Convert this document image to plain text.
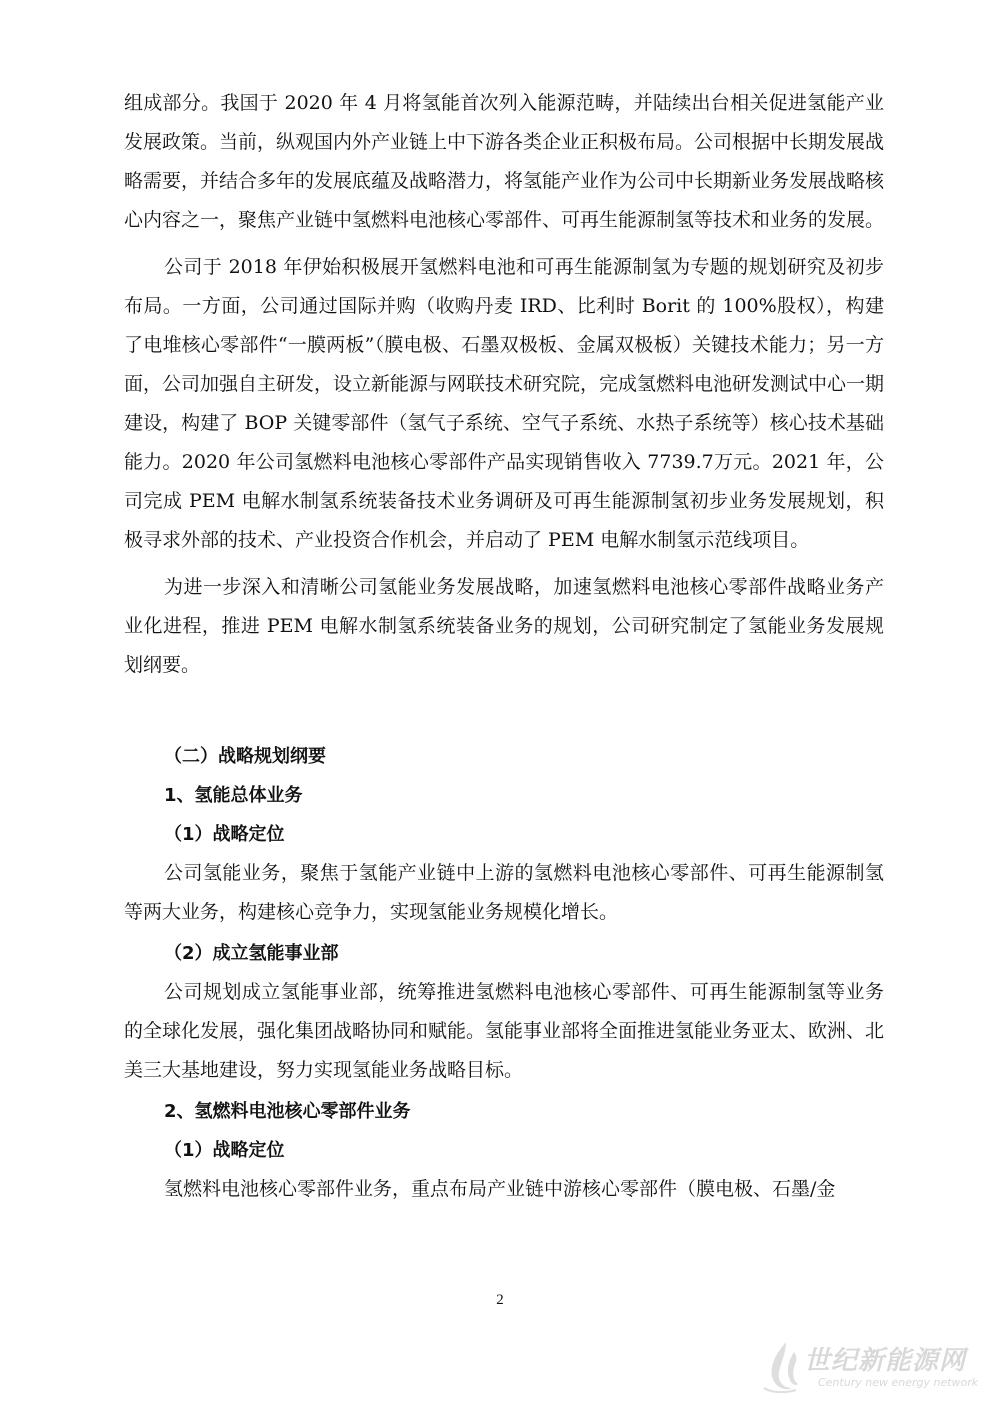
组成部分。我国于 2020 年 4 月将氢能首次列入能源范畴，并陆续出台相关促进氢能产业发展政策。当前，纵观国内外产业链上中下游各类企业正积极布局。公司根据中长期发展战略需要，并结合多年的发展底蕴及战略潜力，将氢能产业作为公司中长期新业务发展战略核心内容之一，聚焦产业链中氢燃料电池核心零部件、可再生能源制氢等技术和业务的发展。

公司于 2018 年伊始积极展开氢燃料电池和可再生能源制氢为专题的规划研究及初步布局。一方面，公司通过国际并购（收购丹麦 IRD、比利时 Borit 的 100%股权），构建了电堆核心零部件“一膜两板”（膜电极、石墨双极板、金属双极板）关键技术能力；另一方面，公司加强自主研发，设立新能源与网联技术研究院，完成氢燃料电池研发测试中心一期建设，构建了 BOP 关键零部件（氢气子系统、空气子系统、水热子系统等）核心技术基础能力。2020 年公司氢燃料电池核心零部件产品实现销售收入 7739.7万元。2021 年，公司完成 PEM 电解水制氢系统装备技术业务调研及可再生能源制氢初步业务发展规划，积极寻求外部的技术、产业投资合作机会，并启动了 PEM 电解水制氢示范线项目。

为进一步深入和清晰公司氢能业务发展战略，加速氢燃料电池核心零部件战略业务产业化进程，推进 PEM 电解水制氢系统装备业务的规划，公司研究制定了氢能业务发展规划纲要。

（二）战略规划纲要

1、氢能总体业务

（1）战略定位

公司氢能业务，聚焦于氢能产业链中上游的氢燃料电池核心零部件、可再生能源制氢等两大业务，构建核心竞争力，实现氢能业务规模化增长。

（2）成立氢能事业部

公司规划成立氢能事业部，统筹推进氢燃料电池核心零部件、可再生能源制氢等业务的全球化发展，强化集团战略协同和赋能。氢能事业部将全面推进氢能业务亚太、欧洲、北美三大基地建设，努力实现氢能业务战略目标。

2、氢燃料电池核心零部件业务

（1）战略定位

氢燃料电池核心零部件业务，重点布局产业链中游核心零部件（膜电极、石墨/金

2
世纪新能源网
Century new energy network
